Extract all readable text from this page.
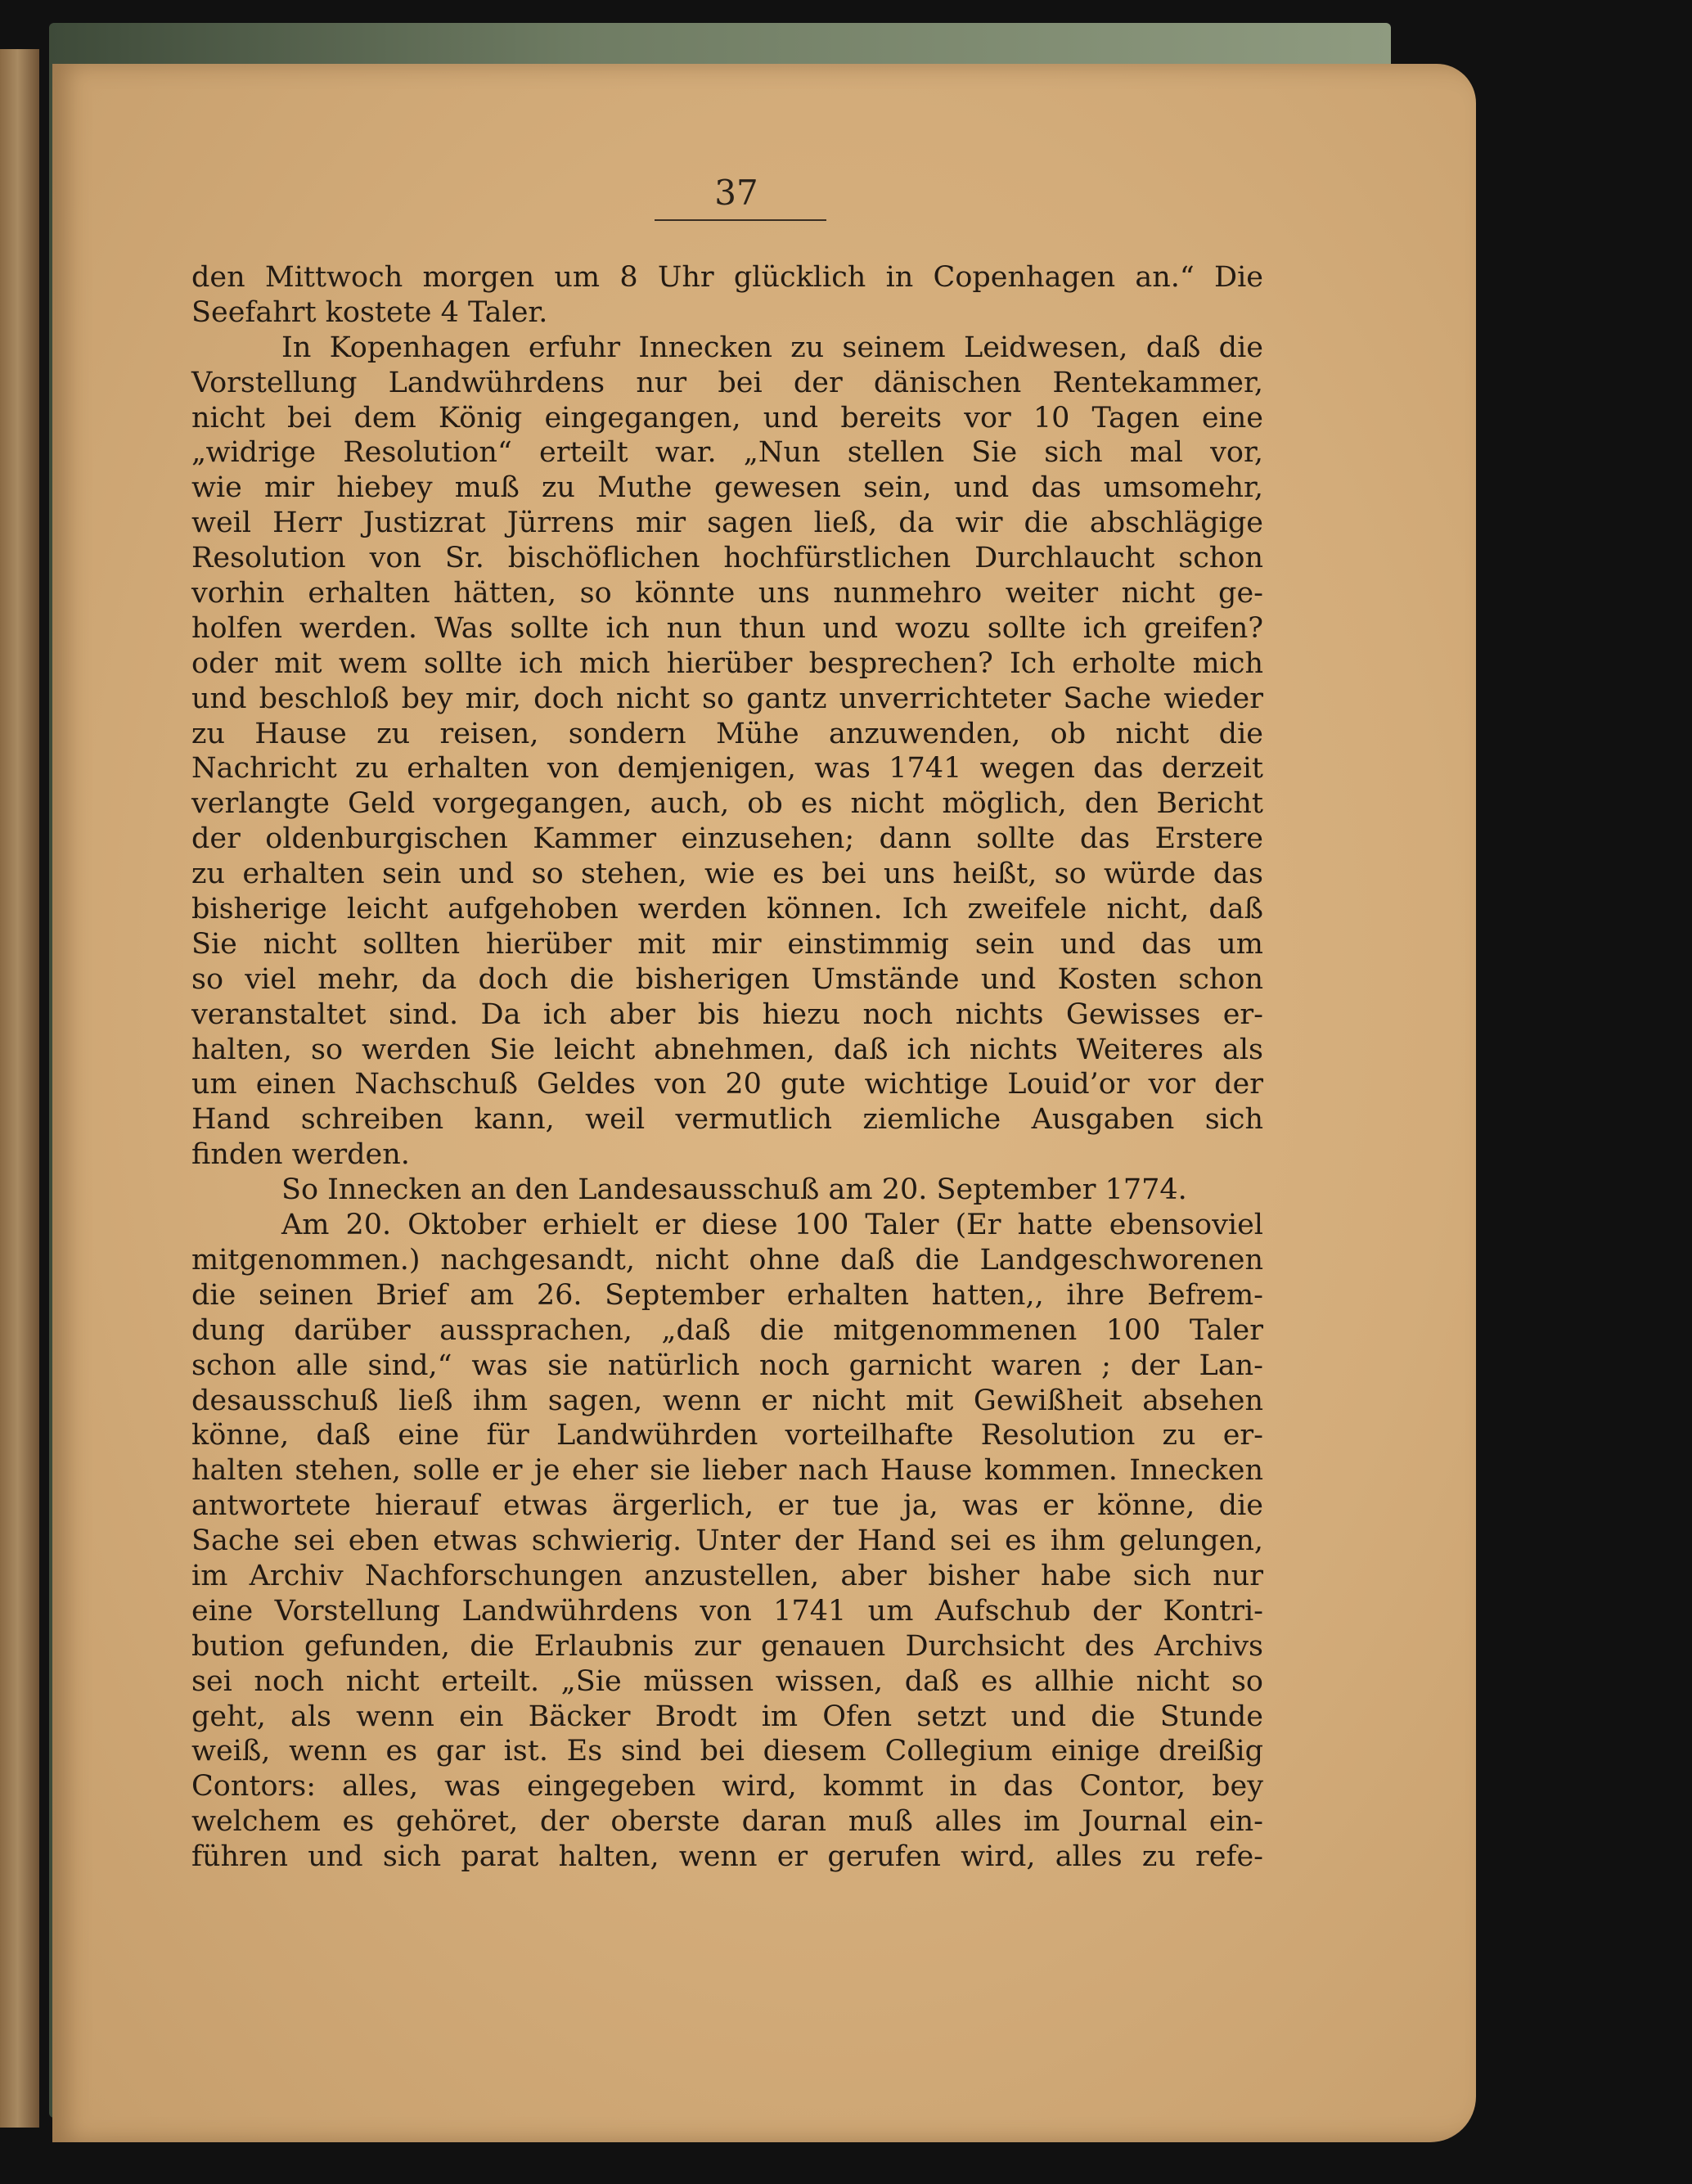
37
den Mittwoch morgen um 8 Uhr glücklich in Copenhagen an.“ Die
Seefahrt kostete 4 Taler.
In Kopenhagen erfuhr Innecken zu seinem Leidwesen, daß die
Vorstellung Landwührdens nur bei der dänischen Rentekammer,
nicht bei dem König eingegangen, und bereits vor 10 Tagen eine
„widrige Resolution“ erteilt war. „Nun stellen Sie sich mal vor,
wie mir hiebey muß zu Muthe gewesen sein, und das umsomehr,
weil Herr Justizrat Jürrens mir sagen ließ, da wir die abschlägige
Resolution von Sr. bischöflichen hochfürstlichen Durchlaucht schon
vorhin erhalten hätten, so könnte uns nunmehro weiter nicht ge-
holfen werden. Was sollte ich nun thun und wozu sollte ich greifen?
oder mit wem sollte ich mich hierüber besprechen? Ich erholte mich
und beschloß bey mir, doch nicht so gantz unverrichteter Sache wieder
zu Hause zu reisen, sondern Mühe anzuwenden, ob nicht die
Nachricht zu erhalten von demjenigen, was 1741 wegen das derzeit
verlangte Geld vorgegangen, auch, ob es nicht möglich, den Bericht
der oldenburgischen Kammer einzusehen; dann sollte das Erstere
zu erhalten sein und so stehen, wie es bei uns heißt, so würde das
bisherige leicht aufgehoben werden können. Ich zweifele nicht, daß
Sie nicht sollten hierüber mit mir einstimmig sein und das um
so viel mehr, da doch die bisherigen Umstände und Kosten schon
veranstaltet sind. Da ich aber bis hiezu noch nichts Gewisses er-
halten, so werden Sie leicht abnehmen, daß ich nichts Weiteres als
um einen Nachschuß Geldes von 20 gute wichtige Louid’or vor der
Hand schreiben kann, weil vermutlich ziemliche Ausgaben sich
finden werden.
So Innecken an den Landesausschuß am 20. September 1774.
Am 20. Oktober erhielt er diese 100 Taler (Er hatte ebensoviel
mitgenommen.) nachgesandt, nicht ohne daß die Landgeschworenen
die seinen Brief am 26. September erhalten hatten,, ihre Befrem-
dung darüber aussprachen, „daß die mitgenommenen 100 Taler
schon alle sind,“ was sie natürlich noch garnicht waren ; der Lan-
desausschuß ließ ihm sagen, wenn er nicht mit Gewißheit absehen
könne, daß eine für Landwührden vorteilhafte Resolution zu er-
halten stehen, solle er je eher sie lieber nach Hause kommen. Innecken
antwortete hierauf etwas ärgerlich, er tue ja, was er könne, die
Sache sei eben etwas schwierig. Unter der Hand sei es ihm gelungen,
im Archiv Nachforschungen anzustellen, aber bisher habe sich nur
eine Vorstellung Landwührdens von 1741 um Aufschub der Kontri-
bution gefunden, die Erlaubnis zur genauen Durchsicht des Archivs
sei noch nicht erteilt. „Sie müssen wissen, daß es allhie nicht so
geht, als wenn ein Bäcker Brodt im Ofen setzt und die Stunde
weiß, wenn es gar ist. Es sind bei diesem Collegium einige dreißig
Contors: alles, was eingegeben wird, kommt in das Contor, bey
welchem es gehöret, der oberste daran muß alles im Journal ein-
führen und sich parat halten, wenn er gerufen wird, alles zu refe-
